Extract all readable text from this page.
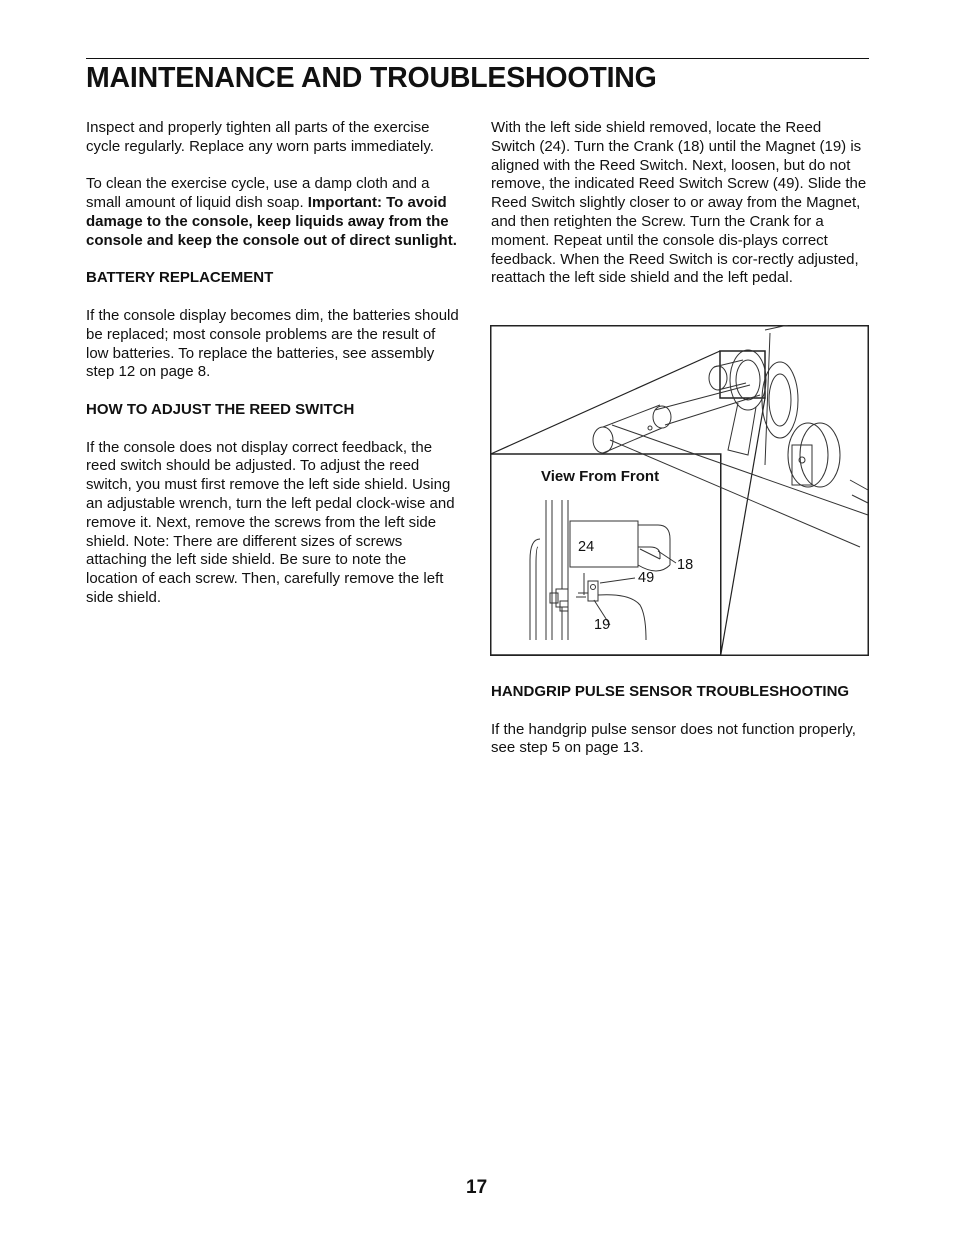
MAINTENANCE AND TROUBLESHOOTING

Inspect and properly tighten all parts of the exercise cycle regularly. Replace any worn parts immediately.

To clean the exercise cycle, use a damp cloth and a small amount of liquid dish soap. Important: To avoid damage to the console, keep liquids away from the console and keep the console out of direct sunlight.

BATTERY REPLACEMENT

If the console display becomes dim, the batteries should be replaced; most console problems are the result of low batteries. To replace the batteries, see assembly step 12 on page 8.

HOW TO ADJUST THE REED SWITCH

If the console does not display correct feedback, the reed switch should be adjusted. To adjust the reed switch, you must first remove the left side shield. Using an adjustable wrench, turn the left pedal clock-wise and remove it. Next, remove the screws from the left side shield. Note: There are different sizes of screws attaching the left side shield. Be sure to note the location of each screw. Then, carefully remove the left side shield.

With the left side shield removed, locate the Reed Switch (24). Turn the Crank (18) until the Magnet (19) is aligned with the Reed Switch. Next, loosen, but do not remove, the indicated Reed Switch Screw (49). Slide the Reed Switch slightly closer to or away from the Magnet, and then retighten the Screw. Turn the Crank for a moment. Repeat until the console dis-plays correct feedback. When the Reed Switch is cor-rectly adjusted, reattach the left side shield and the left pedal.

View From Front
24
18
49
19
HANDGRIP PULSE SENSOR TROUBLESHOOTING

If the handgrip pulse sensor does not function properly, see step 5 on page 13.

17
